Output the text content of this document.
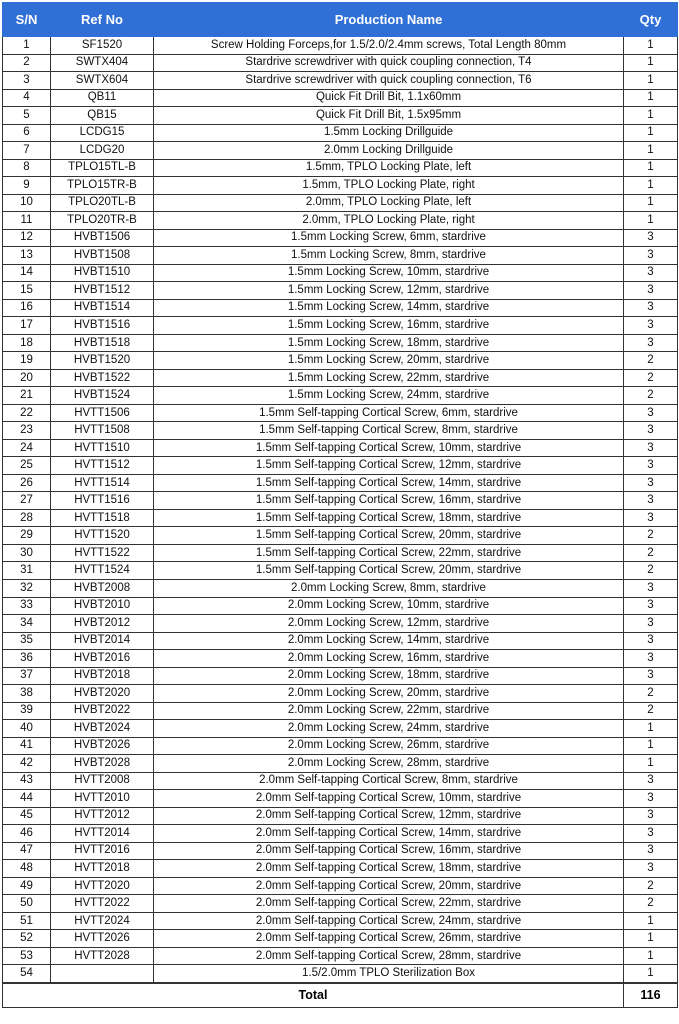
S/N	Ref No	Production Name	Qty
1	SF1520	Screw Holding Forceps,for 1.5/2.0/2.4mm screws, Total Length 80mm	1
2	SWTX404	Stardrive screwdriver with quick coupling connection, T4	1
3	SWTX604	Stardrive screwdriver with quick coupling connection, T6	1
4	QB11	Quick Fit Drill Bit, 1.1x60mm	1
5	QB15	Quick Fit Drill Bit, 1.5x95mm	1
6	LCDG15	1.5mm Locking Drillguide	1
7	LCDG20	2.0mm Locking Drillguide	1
8	TPLO15TL-B	1.5mm, TPLO Locking Plate, left	1
9	TPLO15TR-B	1.5mm, TPLO Locking Plate, right	1
10	TPLO20TL-B	2.0mm, TPLO Locking Plate, left	1
11	TPLO20TR-B	2.0mm, TPLO Locking Plate, right	1
12	HVBT1506	1.5mm Locking Screw, 6mm, stardrive	3
13	HVBT1508	1.5mm Locking Screw, 8mm, stardrive	3
14	HVBT1510	1.5mm Locking Screw, 10mm, stardrive	3
15	HVBT1512	1.5mm Locking Screw, 12mm, stardrive	3
16	HVBT1514	1.5mm Locking Screw, 14mm, stardrive	3
17	HVBT1516	1.5mm Locking Screw, 16mm, stardrive	3
18	HVBT1518	1.5mm Locking Screw, 18mm, stardrive	3
19	HVBT1520	1.5mm Locking Screw, 20mm, stardrive	2
20	HVBT1522	1.5mm Locking Screw, 22mm, stardrive	2
21	HVBT1524	1.5mm Locking Screw, 24mm, stardrive	2
22	HVTT1506	1.5mm Self-tapping Cortical Screw, 6mm, stardrive	3
23	HVTT1508	1.5mm Self-tapping Cortical Screw, 8mm, stardrive	3
24	HVTT1510	1.5mm Self-tapping Cortical Screw, 10mm, stardrive	3
25	HVTT1512	1.5mm Self-tapping Cortical Screw, 12mm, stardrive	3
26	HVTT1514	1.5mm Self-tapping Cortical Screw, 14mm, stardrive	3
27	HVTT1516	1.5mm Self-tapping Cortical Screw, 16mm, stardrive	3
28	HVTT1518	1.5mm Self-tapping Cortical Screw, 18mm, stardrive	3
29	HVTT1520	1.5mm Self-tapping Cortical Screw, 20mm, stardrive	2
30	HVTT1522	1.5mm Self-tapping Cortical Screw, 22mm, stardrive	2
31	HVTT1524	1.5mm Self-tapping Cortical Screw, 20mm, stardrive	2
32	HVBT2008	2.0mm Locking Screw, 8mm, stardrive	3
33	HVBT2010	2.0mm Locking Screw, 10mm, stardrive	3
34	HVBT2012	2.0mm Locking Screw, 12mm, stardrive	3
35	HVBT2014	2.0mm Locking Screw, 14mm, stardrive	3
36	HVBT2016	2.0mm Locking Screw, 16mm, stardrive	3
37	HVBT2018	2.0mm Locking Screw, 18mm, stardrive	3
38	HVBT2020	2.0mm Locking Screw, 20mm, stardrive	2
39	HVBT2022	2.0mm Locking Screw, 22mm, stardrive	2
40	HVBT2024	2.0mm Locking Screw, 24mm, stardrive	1
41	HVBT2026	2.0mm Locking Screw, 26mm, stardrive	1
42	HVBT2028	2.0mm Locking Screw, 28mm, stardrive	1
43	HVTT2008	2.0mm Self-tapping Cortical Screw, 8mm, stardrive	3
44	HVTT2010	2.0mm Self-tapping Cortical Screw, 10mm, stardrive	3
45	HVTT2012	2.0mm Self-tapping Cortical Screw, 12mm, stardrive	3
46	HVTT2014	2.0mm Self-tapping Cortical Screw, 14mm, stardrive	3
47	HVTT2016	2.0mm Self-tapping Cortical Screw, 16mm, stardrive	3
48	HVTT2018	2.0mm Self-tapping Cortical Screw, 18mm, stardrive	3
49	HVTT2020	2.0mm Self-tapping Cortical Screw, 20mm, stardrive	2
50	HVTT2022	2.0mm Self-tapping Cortical Screw, 22mm, stardrive	2
51	HVTT2024	2.0mm Self-tapping Cortical Screw, 24mm, stardrive	1
52	HVTT2026	2.0mm Self-tapping Cortical Screw, 26mm, stardrive	1
53	HVTT2028	2.0mm Self-tapping Cortical Screw, 28mm, stardrive	1
54		1.5/2.0mm TPLO Sterilization Box	1
Total			116
